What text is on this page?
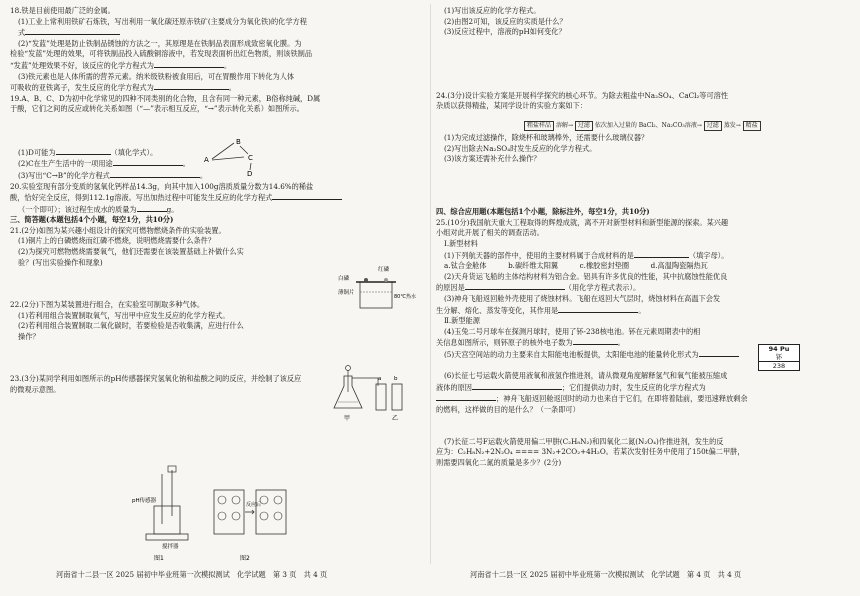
18.铁是目前使用最广泛的金属。
(1)工业上常利用铁矿石炼铁，写出利用一氧化碳还原赤铁矿(主要成分为氧化铁)的化学方程
式
(2)“发蓝”处理是防止铁制品锈蚀的方法之一，其原理是在铁制品表面形成致密氧化膜。为
检验“发蓝”处理的效果，可将铁制品投入硫酸铜溶液中，若发现表面析出红色物质，则该铁制品
“发蓝”处理效果不好，该反应的化学方程式为	。
(3)铁元素也是人体所需的营养元素。纳米级铁粉被食用后，可在胃酸作用下转化为人体
可吸收的亚铁离子，发生反应的化学方程式为	。
19.A、B、C、D为初中化学常见的四种不同类别的化合物，且含有同一种元素，B俗称纯碱，D属
于酸，它们之间的反应或转化关系如图（“—”表示相互反应，“→”表示转化关系）如图所示。
(1)D可能为	（填化学式）。
(2)C在生产生活中的一项用途	。
(3)写出“C→B”的化学方程式	。
20.实验室现有部分变质的氢氧化钙样品14.3g，向其中加入100g溶质质量分数为14.6%的稀盐
酸，恰好完全反应，得到112.1g溶液。写出加热过程中可能发生反应的化学方程式
（一个即可）；该过程生成水的质量为	g。
三、简答题(本题包括4个小题，每空1分，共10分)
21.(2分)如图为某兴趣小组设计的探究可燃物燃烧条件的实验装置。
(1)铜片上的白磷燃烧而红磷不燃烧，说明燃烧需要什么条件？
(2)为探究可燃物燃烧需要氧气，他们还需要在该装置基础上补做什么实
验？(写出实验操作和现象)
22.(2分)下图为某装置进行组合，在实验室可制取多种气体。
(1)若利用组合装置制取氧气，写出甲中应发生反应的化学方程式。
(2)若利用组合装置制取二氧化碳时，若要检验是否收集满，应进行什么
操作？
23.(3分)某同学利用如图所示的pH传感器探究氢氧化钠和盐酸之间的反应，并绘制了该反应
的微观示意图。
(1)写出该反应的化学方程式。
(2)由图2可知，该反应的实质是什么？
(3)反应过程中，溶液的pH如何变化？
24.(3分)设计实验方案是开展科学探究的核心环节。为除去粗盐中Na₂SO₄、CaCl₂等可溶性
杂质以获得精盐，某同学设计的实验方案如下：
(1)为完成过滤操作，除烧杯和玻璃棒外，还需要什么玻璃仪器？
(2)写出除去Na₂SO₄时发生反应的化学方程式。
(3)该方案还需补充什么操作？
四、综合应用题(本题包括1个小题，除标注外，每空1分，共10分)
25.(10分)我国航天重大工程取得的辉煌成就，离不开对新型材料和新型能源的探索。某兴趣
小组对此开展了相关的调查活动。
Ⅰ.新型材料
(1)下列航天器的部件中，使用的主要材料属于合成材料的是	（填字母）。
a.钛合金舱体　　　b.碳纤维太阳翼　　　c.橡胶密封垫圈　　　d.高温陶瓷隔热瓦
(2)天舟货运飞船的主体结构材料为铝合金。铝具有许多优良的性能，其中抗腐蚀性能优良
的原因是	（用化学方程式表示）。
(3)神舟飞船返回舱外壳使用了烧蚀材料。飞船在返回大气层时，烧蚀材料在高温下会发
生分解、熔化、蒸发等变化，其作用是	。
Ⅱ.新型能源
(4)玉兔二号月球车在探测月球时，使用了钚-238核电池。钚在元素周期表中的相
关信息如图所示，则钚原子的核外电子数为	。
(5)天宫空间站的动力主要来自太阳能电池板提供，太阳能电池的能量转化形式为
(6)长征七号运载火箭使用液氧和液氢作推进剂，请从微观角度解释氢气和氧气能被压缩成
液体的原因	；它们提供动力时，发生反应的化学方程式为
；神舟飞船返回舱返回时的动力也来自于它们，在即将着陆前，要迅速释放剩余
的燃料，这样做的目的是什么？（一条即可）
(7)长征二号F运载火箭使用偏二甲肼(C₂H₈N₂)和四氧化二氮(N₂O₄)作推进剂，发生的反
应为：C₂H₈N₂+2N₂O₄ ==== 3N₂+2CO₂+4H₂O。若某次发射任务中使用了150t偏二甲肼，
则需要四氧化二氮的质量是多少？(2分)
A
B
C
D
红磷
白磷
薄铜片
80℃热水
a b
甲	乙
pH传感器
搅拌器
图1
反应后
图2
粗盐样品 溶解→ 过滤 依次加入过量的 BaCl₂、Na₂CO₃溶液→ 过滤 蒸发→ 精盐
94 Pu
钚
238
河南省十二县一区 2025 届初中毕业班第一次模拟测试　化学试题　第 3 页　共 4 页	河南省十二县一区 2025 届初中毕业班第一次模拟测试　化学试题　第 4 页　共 4 页
